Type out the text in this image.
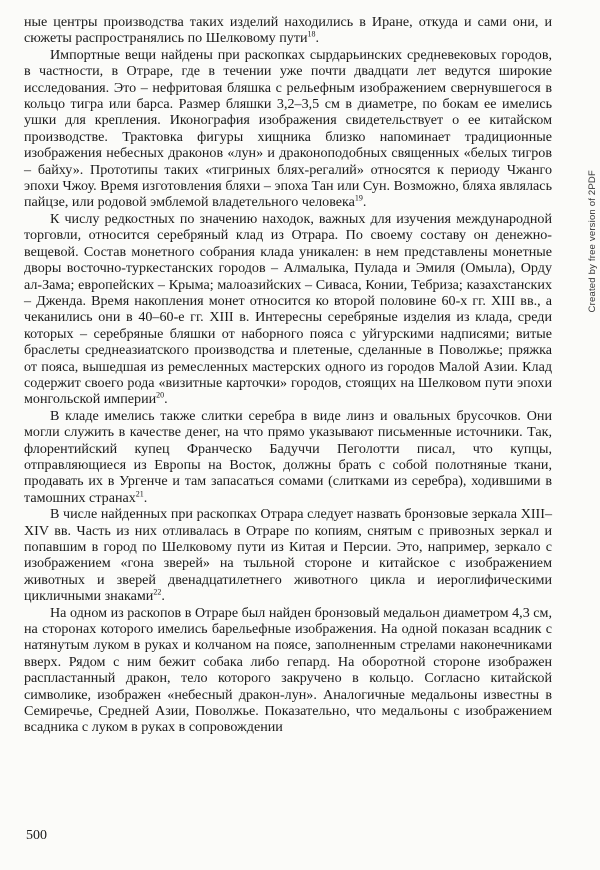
ные центры производства таких изделий находились в Иране, откуда и сами они, и сюжеты распространялись по Шелковому пути$^{18}$.

Импортные вещи найдены при раскопках сырдарьинских средневековых городов, в частности, в Отраре, где в течении уже почти двадцати лет ведутся широкие исследования. Это – нефритовая бляшка с рельефным изображением свернувшегося в кольцо тигра или барса. Размер бляшки 3,2–3,5 см в диаметре, по бокам ее имелись ушки для крепления. Иконография изображения свидетельствует о ее китайском производстве. Трактовка фигуры хищника близко напоминает традиционные изображения небесных драконов «лун» и драконоподобных священных «белых тигров – байху». Прототипы таких «тигриных блях-регалий» относятся к периоду Чжанго эпохи Чжоу. Время изготовления бляхи – эпоха Тан или Сун. Возможно, бляха являлась пайцзе, или родовой эмблемой владетельного человека$^{19}$.

К числу редкостных по значению находок, важных для изучения международной торговли, относится серебряный клад из Отрара. По своему составу он денежно-вещевой. Состав монетного собрания клада уникален: в нем представлены монетные дворы восточно-туркестанских городов – Алмалыка, Пулада и Эмиля (Омыла), Орду ал-Зама; европейских – Крыма; малоазийских – Сиваса, Конии, Тебриза; казахстанских – Дженда. Время накопления монет относится ко второй половине 60-х гг. XIII вв., а чеканились они в 40–60-е гг. XIII в. Интересны серебряные изделия из клада, среди которых – серебряные бляшки от наборного пояса с уйгурскими надписями; витые браслеты среднеазиатского производства и плетеные, сделанные в Поволжье; пряжка от пояса, вышедшая из ремесленных мастерских одного из городов Малой Азии. Клад содержит своего рода «визитные карточки» городов, стоящих на Шелковом пути эпохи монгольской империи$^{20}$.

В кладе имелись также слитки серебра в виде линз и овальных брусочков. Они могли служить в качестве денег, на что прямо указывают письменные источники. Так, флорентийский купец Франческо Бадуччи Пеголотти писал, что купцы, отправляющиеся из Европы на Восток, должны брать с собой полотняные ткани, продавать их в Ургенче и там запасаться сомами (слитками из серебра), ходившими в тамошних странах$^{21}$.

В числе найденных при раскопках Отрара следует назвать бронзовые зеркала XIII–XIV вв. Часть из них отливалась в Отраре по копиям, снятым с привозных зеркал и попавшим в город по Шелковому пути из Китая и Персии. Это, например, зеркало с изображением «гона зверей» на тыльной стороне и китайское с изображением животных и зверей двенадцатилетнего животного цикла и иероглифическими цикличными знаками$^{22}$.

На одном из раскопов в Отраре был найден бронзовый медальон диаметром 4,3 см, на сторонах которого имелись барельефные изображения. На одной показан всадник с натянутым луком в руках и колчаном на поясе, заполненным стрелами наконечниками вверх. Рядом с ним бежит собака либо гепард. На оборотной стороне изображен распластанный дракон, тело которого закручено в кольцо. Согласно китайской символике, изображен «небесный дракон-лун». Аналогичные медальоны известны в Семиречье, Средней Азии, Поволжье. Показательно, что медальоны с изображением всадника с луком в руках в сопровождении

Created by free version of 2PDF
500
